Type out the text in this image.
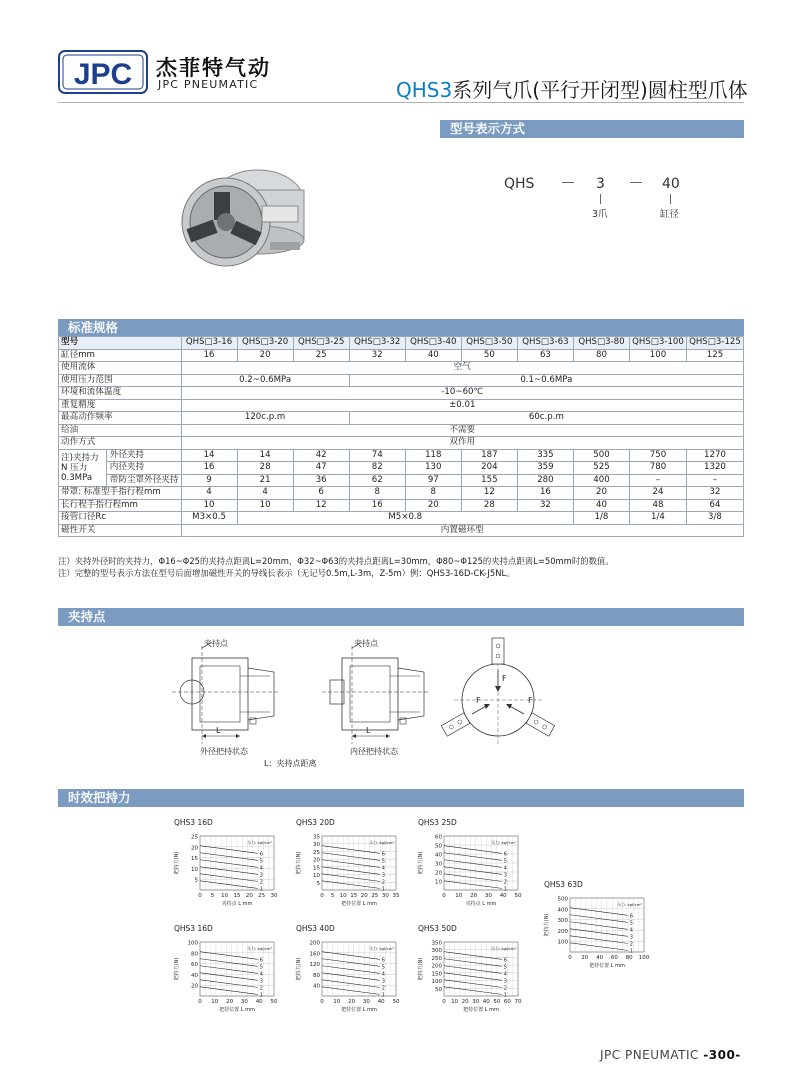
JPC 杰菲特气动
JPC PNEUMATIC	QHS3系列气爪(平行开闭型)圆柱型爪体
型号表示方式
QHS	3	40
3爪	缸径
标准规格
型号		QHS□3-16	QHS□3-20	QHS□3-25	QHS□3-32	QHS□3-40	QHS□3-50	QHS□3-63	QHS□3-80	QHS□3-100	QHS□3-125
缸径mm		16	20	25	32	40	50	63	80	100	125
使用流体		空气									
使用压力范围		0.2~0.6MPa			0.1~0.6MPa						
环境和流体温度		-10~60℃									
重复精度		±0.01									
最高动作频率		120c.p.m			60c.p.m						
给油		不需要									
动作方式		双作用									
注)夹持力N 压力0.3MPa	外径夹持	14	14	42	74	118	187	335	500	750	1270
	内径夹持	16	28	47	82	130	204	359	525	780	1320
	带防尘罩外径夹持	9	21	36	62	97	155	280	400	–	–
带罩: 标准型手指行程mm		4	4	6	8	8	12	16	20	24	32
长行程手指行程mm		10	10	12	16	20	28	32	40	48	64
接管口径Rc		M3×0.5	M5×0.8						1/8	1/4	3/8
磁性开关		内置磁环型									
注）夹持外径时的夹持力，Φ16~Φ25的夹持点距离L=20mm，Φ32~Φ63的夹持点距离L=30mm，Φ80~Φ125的夹持点距离L=50mm时的数值。
注）完整的型号表示方法在型号后面增加磁性开关的导线长表示（无记号0.5m,L-3m，Z-5m）例：QHS3-16D-CK-J5NL。
夹持点
夹持点
L
外径把持状态
夹持点
L
内径把持状态
L：夹持点距离
F
F	F
时效把持力
QHS3 16D
25
20
15
10
5
0 5 10 15 20 25 30
夹持点 L mm
把持力(N)
压力: kgf/cm²
6
5
4
3
2
1
QHS3 20D
35
30
25
20
15
10
5
0 5 10 15 20 25 30 35
把持位置 L mm
把持力(N)
压力: kgf/cm²
6
5
4
3
2
1
QHS3 25D
60
50
40
30
20
10
0 10 20 30 40 50
夹持点 L mm
把持力(N)
压力: kgf/cm²
6
5
4
3
2
1
QHS3 63D
500
400
300
200
100
0 20 40 60 80 100
把持位置 L mm
把持力(N)
压力: kgf/cm²
6
5
4
3
2
1
QHS3 16D
100
80
60
40
20
0 10 20 30 40 50
把持位置 L mm
把持力(N)
压力: kgf/cm²
6
5
4
3
2
1
QHS3 40D
200
160
120
80
40
0 10 20 30 40 50
把持位置 L mm
把持力(N)
压力: kgf/cm²
6
5
4
3
2
1
QHS3 50D
350
300
250
200
150
100
50
0 10 20 30 40 50 60 70
把持位置 L mm
把持力(N)
压力: kgf/cm²
6
5
4
3
2
1
JPC PNEUMATIC -300-
